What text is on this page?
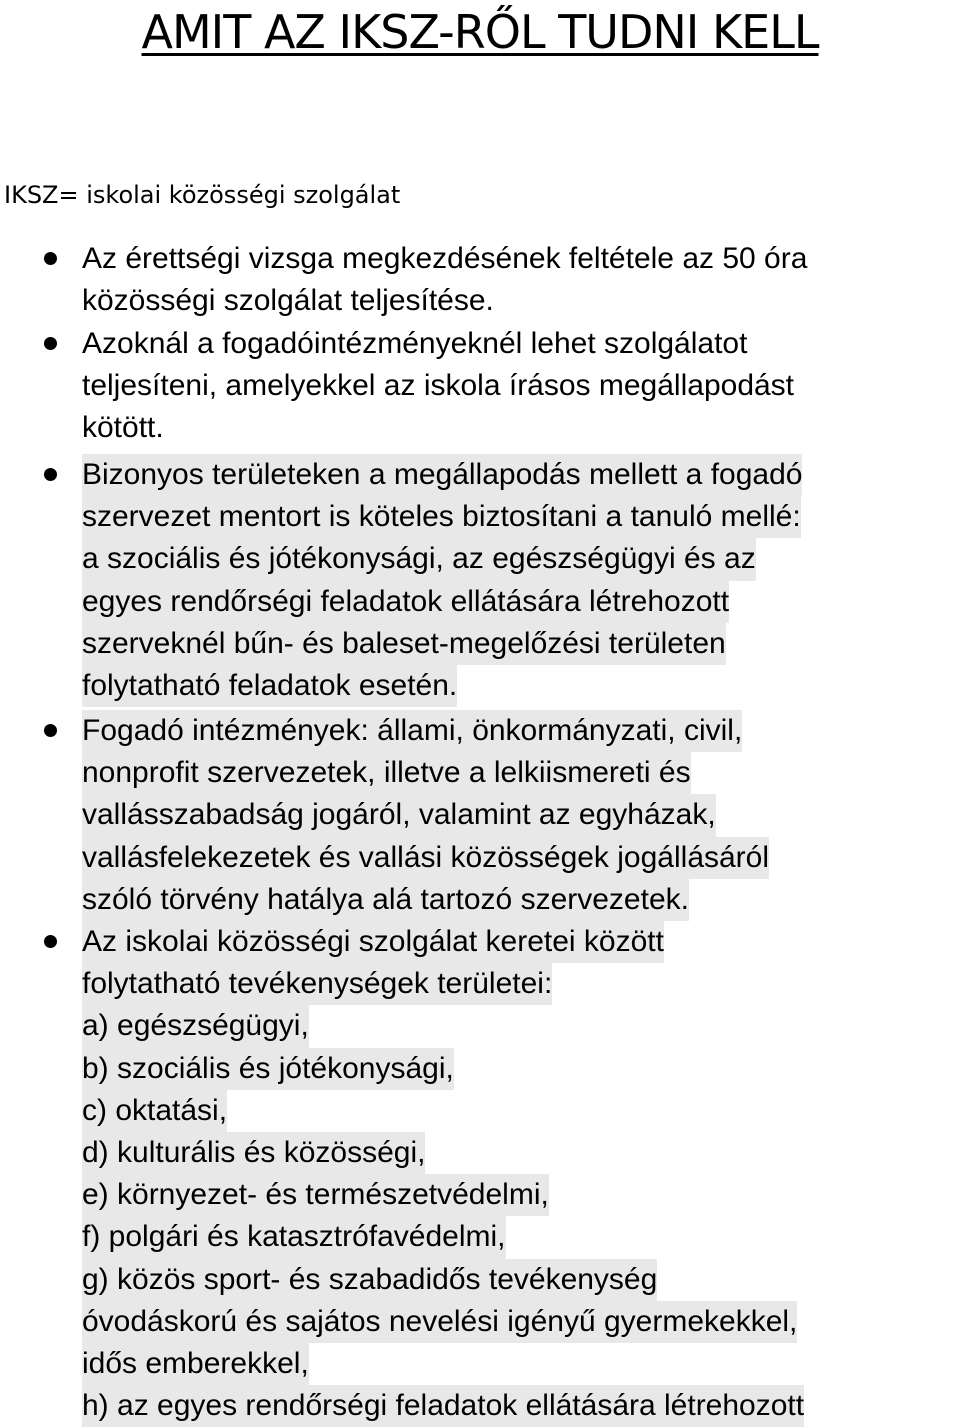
AMIT AZ IKSZ-RŐL TUDNI KELL
IKSZ= iskolai közösségi szolgálat
Az érettségi vizsga megkezdésének feltétele az 50 óra
közösségi szolgálat teljesítése.
Azoknál a fogadóintézményeknél lehet szolgálatot
teljesíteni, amelyekkel az iskola írásos megállapodást
kötött.
Bizonyos területeken a megállapodás mellett a fogadó
szervezet mentort is köteles biztosítani a tanuló mellé:
a szociális és jótékonysági, az egészségügyi és az
egyes rendőrségi feladatok ellátására létrehozott
szerveknél bűn- és baleset-megelőzési területen
folytatható feladatok esetén.
Fogadó intézmények: állami, önkormányzati, civil,
nonprofit szervezetek, illetve a lelkiismereti és
vallásszabadság jogáról, valamint az egyházak,
vallásfelekezetek és vallási közösségek jogállásáról
szóló törvény hatálya alá tartozó szervezetek.
Az iskolai közösségi szolgálat keretei között
folytatható tevékenységek területei:
a) egészségügyi,
b) szociális és jótékonysági,
c) oktatási,
d) kulturális és közösségi,
e) környezet- és természetvédelmi,
f) polgári és katasztrófavédelmi,
g) közös sport- és szabadidős tevékenység
óvodáskorú és sajátos nevelési igényű gyermekekkel,
idős emberekkel,
h) az egyes rendőrségi feladatok ellátására létrehozott
